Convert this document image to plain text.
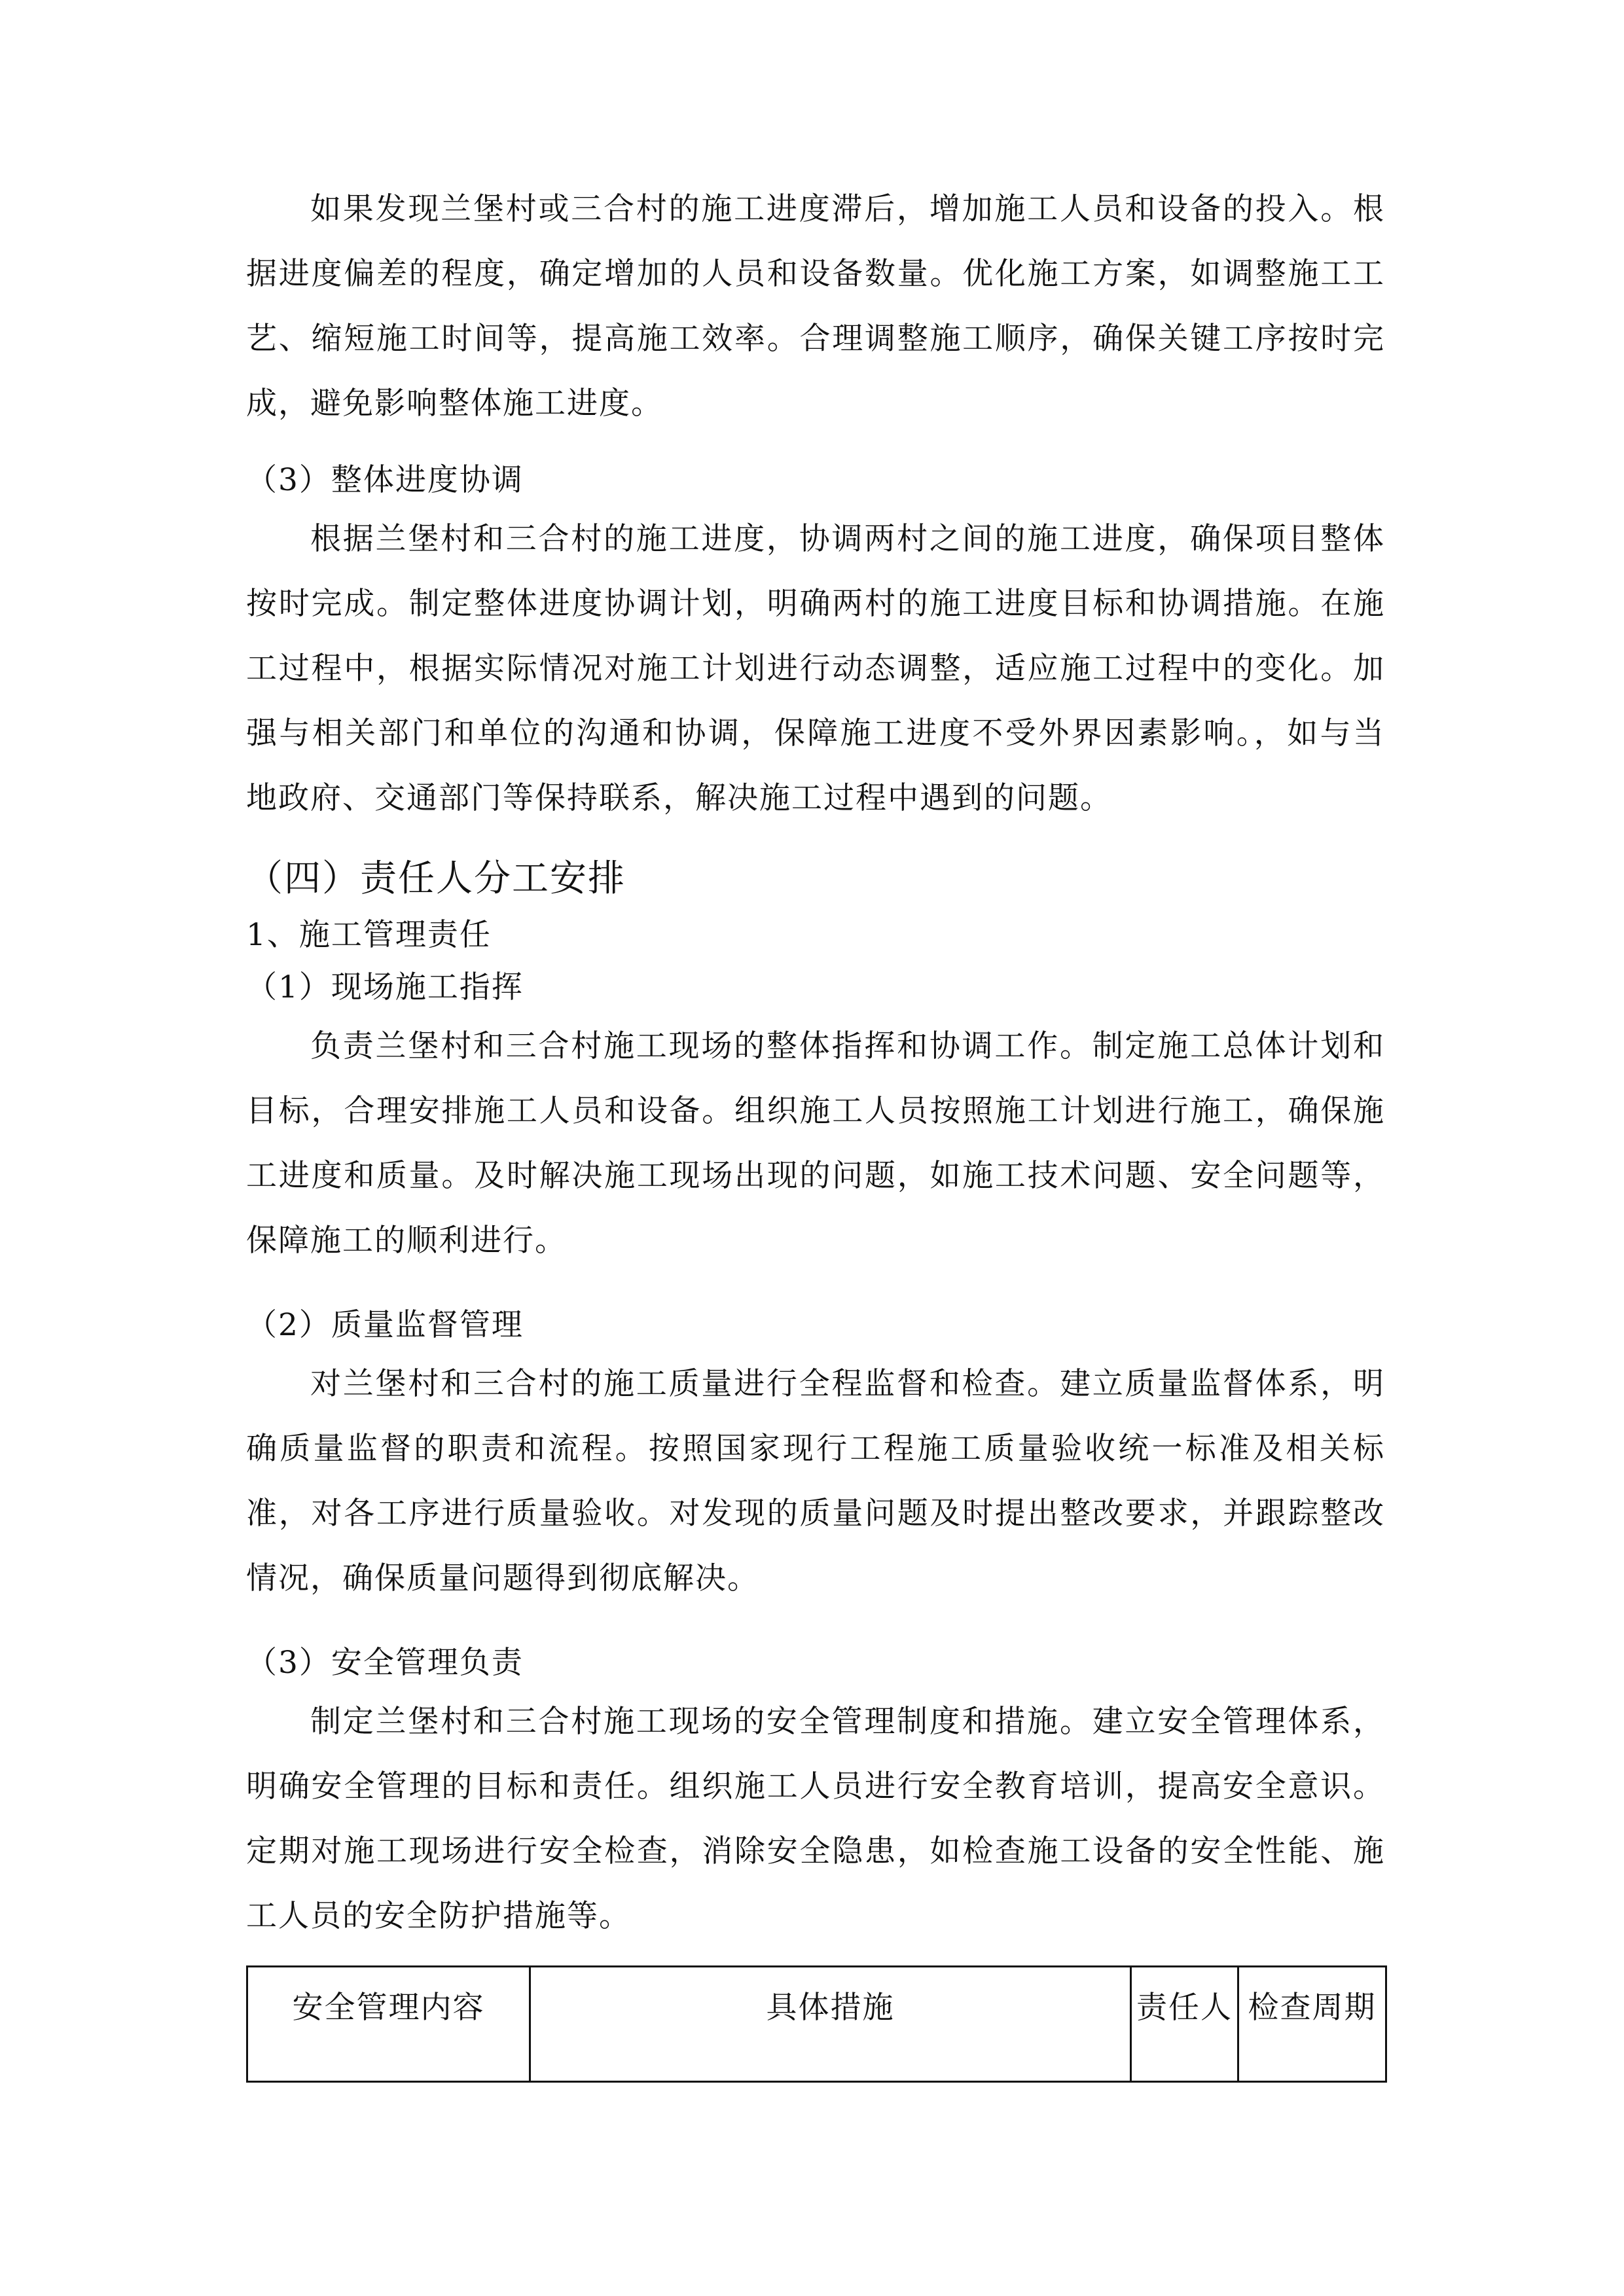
如果发现兰堡村或三合村的施工进度滞后，增加施工人员和设备的投入。根据进度偏差的程度，确定增加的人员和设备数量。优化施工方案，如调整施工工艺、缩短施工时间等，提高施工效率。合理调整施工顺序，确保关键工序按时完成，避免影响整体施工进度。

（3）整体进度协调

根据兰堡村和三合村的施工进度，协调两村之间的施工进度，确保项目整体按时完成。制定整体进度协调计划，明确两村的施工进度目标和协调措施。在施工过程中，根据实际情况对施工计划进行动态调整，适应施工过程中的变化。加强与相关部门和单位的沟通和协调，保障施工进度不受外界因素影响。，如与当地政府、交通部门等保持联系，解决施工过程中遇到的问题。

（四）责任人分工安排

1、施工管理责任

（1）现场施工指挥

负责兰堡村和三合村施工现场的整体指挥和协调工作。制定施工总体计划和目标，合理安排施工人员和设备。组织施工人员按照施工计划进行施工，确保施工进度和质量。及时解决施工现场出现的问题，如施工技术问题、安全问题等，保障施工的顺利进行。

（2）质量监督管理

对兰堡村和三合村的施工质量进行全程监督和检查。建立质量监督体系，明确质量监督的职责和流程。按照国家现行工程施工质量验收统一标准及相关标准，对各工序进行质量验收。对发现的质量问题及时提出整改要求，并跟踪整改情况，确保质量问题得到彻底解决。

（3）安全管理负责

制定兰堡村和三合村施工现场的安全管理制度和措施。建立安全管理体系，明确安全管理的目标和责任。组织施工人员进行安全教育培训，提高安全意识。定期对施工现场进行安全检查，消除安全隐患，如检查施工设备的安全性能、施工人员的安全防护措施等。

安全管理内容	具体措施	责任人	检查周期
